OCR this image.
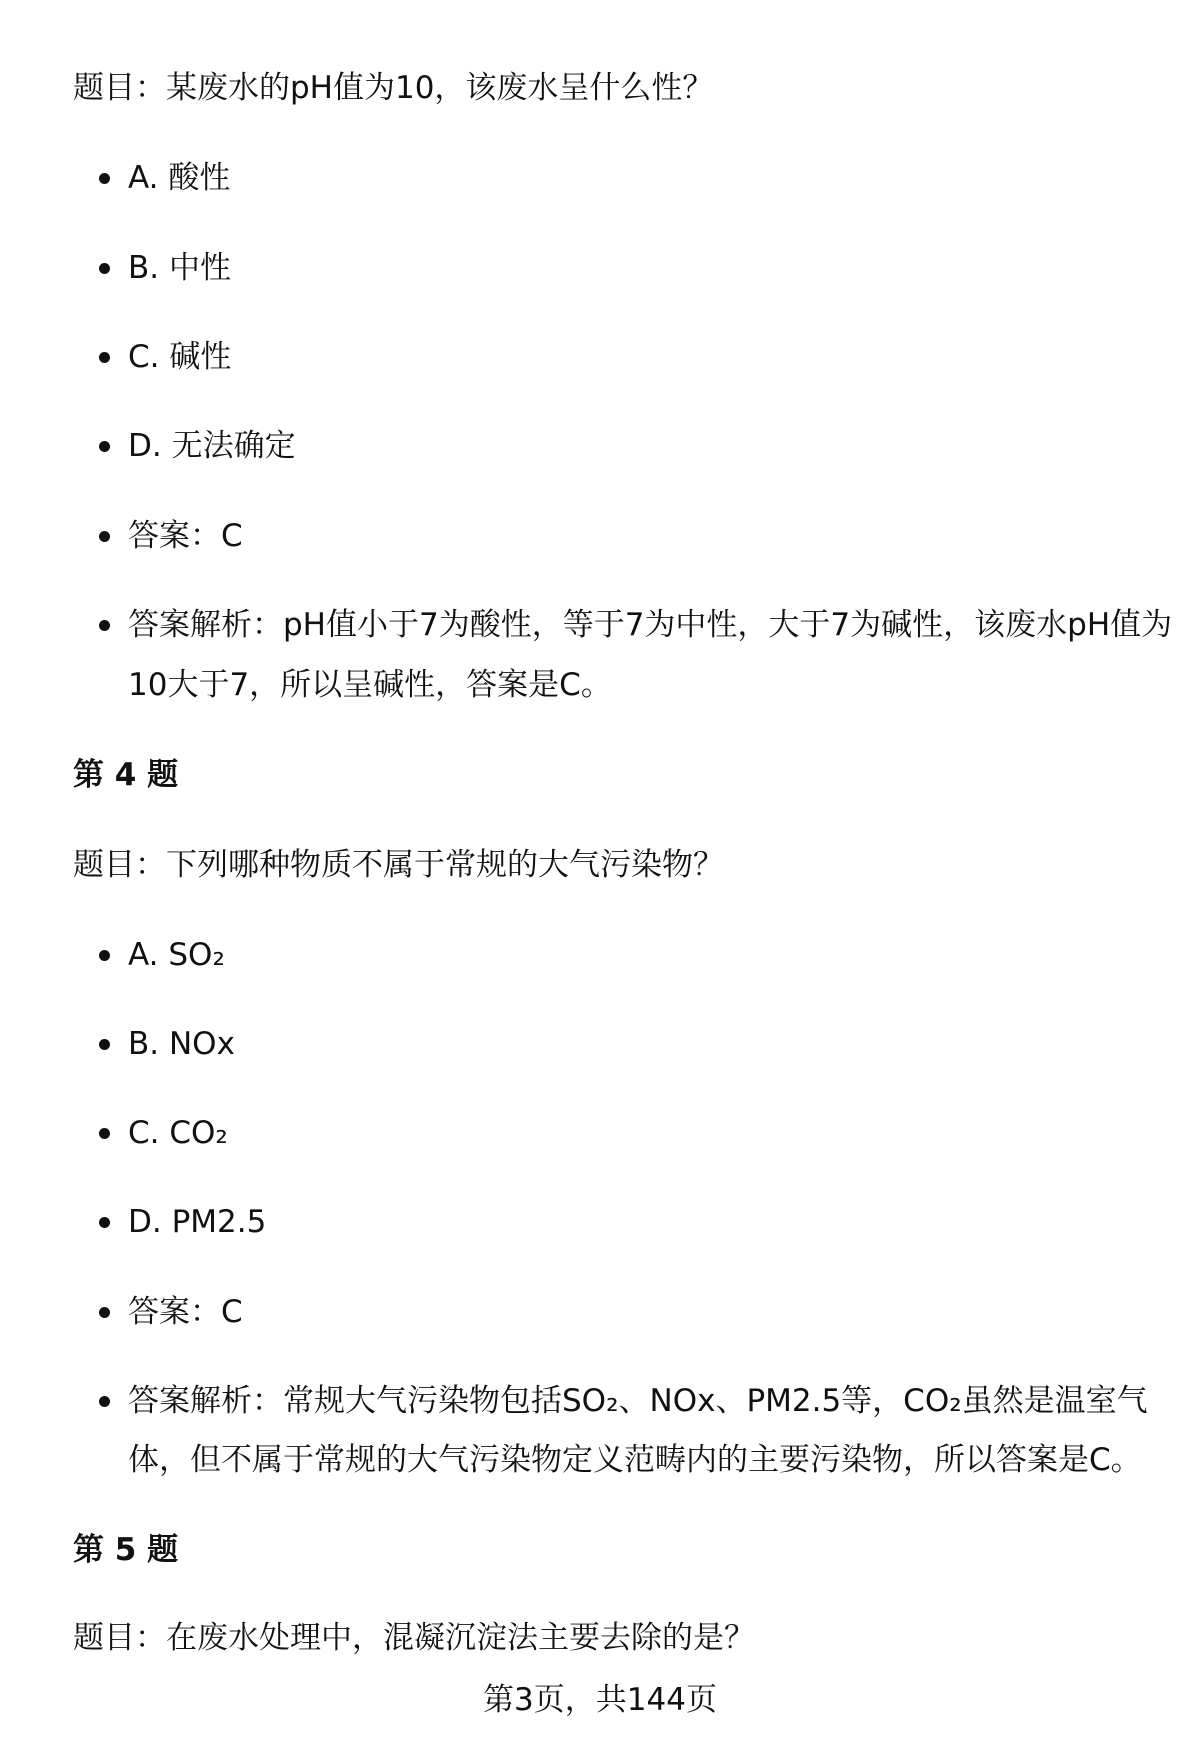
题目：某废水的pH值为10，该废水呈什么性？
A. 酸性
B. 中性
C. 碱性
D. 无法确定
答案：C
答案解析：pH值小于7为酸性，等于7为中性，大于7为碱性，该废水pH值为
10大于7，所以呈碱性，答案是C。
第 4 题
题目：下列哪种物质不属于常规的大气污染物？
A. SO₂
B. NOx
C. CO₂
D. PM2.5
答案：C
答案解析：常规大气污染物包括SO₂、NOx、PM2.5等，CO₂虽然是温室气
体，但不属于常规的大气污染物定义范畴内的主要污染物，所以答案是C。
第 5 题
题目：在废水处理中，混凝沉淀法主要去除的是？
第3页，共144页
